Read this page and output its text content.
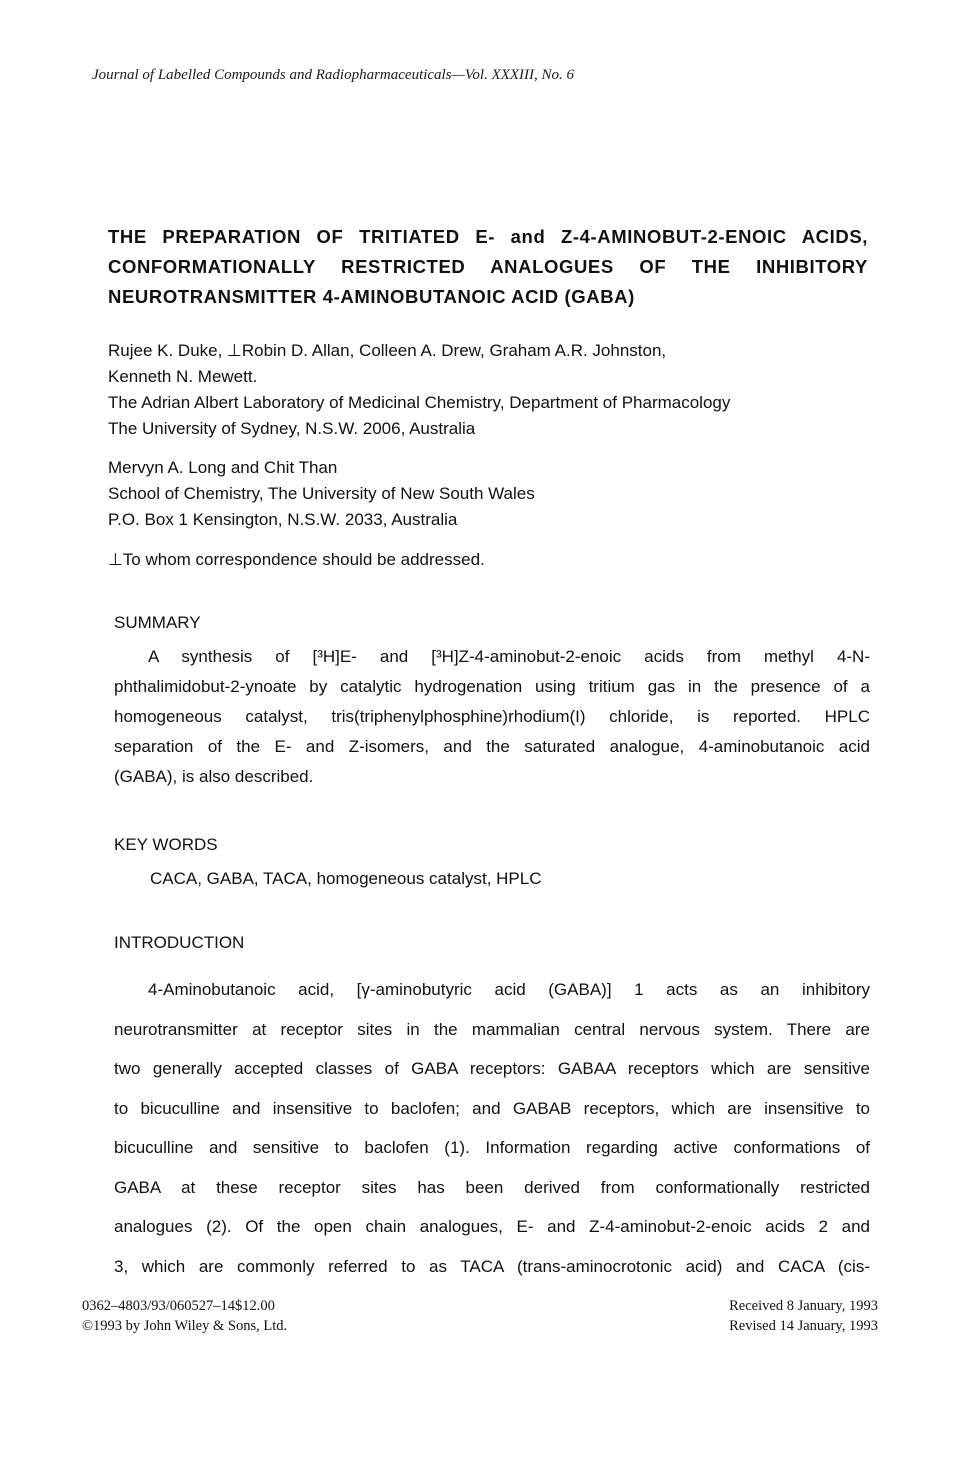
Journal of Labelled Compounds and Radiopharmaceuticals—Vol. XXXIII, No. 6
THE PREPARATION OF TRITIATED E- and Z-4-AMINOBUT-2-ENOIC ACIDS,
CONFORMATIONALLY RESTRICTED ANALOGUES OF THE INHIBITORY
NEUROTRANSMITTER 4-AMINOBUTANOIC ACID (GABA)
Rujee K. Duke, ⊥Robin D. Allan, Colleen A. Drew, Graham A.R. Johnston,
Kenneth N. Mewett.
The Adrian Albert Laboratory of Medicinal Chemistry, Department of Pharmacology
The University of Sydney, N.S.W. 2006, Australia
Mervyn A. Long and Chit Than
School of Chemistry, The University of New South Wales
P.O. Box 1 Kensington, N.S.W. 2033, Australia
⊥To whom correspondence should be addressed.
SUMMARY
A synthesis of [³H]E- and [³H]Z-4-aminobut-2-enoic acids from methyl 4-N-
phthalimidobut-2-ynoate by catalytic hydrogenation using tritium gas in the presence of a
homogeneous catalyst, tris(triphenylphosphine)rhodium(I) chloride, is reported. HPLC
separation of the E- and Z-isomers, and the saturated analogue, 4-aminobutanoic acid
(GABA), is also described.
KEY WORDS
CACA, GABA, TACA, homogeneous catalyst, HPLC
INTRODUCTION
4-Aminobutanoic acid, [γ-aminobutyric acid (GABA)] 1 acts as an inhibitory
neurotransmitter at receptor sites in the mammalian central nervous system. There are
two generally accepted classes of GABA receptors: GABAA receptors which are sensitive
to bicuculline and insensitive to baclofen; and GABAB receptors, which are insensitive to
bicuculline and sensitive to baclofen (1). Information regarding active conformations of
GABA at these receptor sites has been derived from conformationally restricted
analogues (2). Of the open chain analogues, E- and Z-4-aminobut-2-enoic acids 2 and
3, which are commonly referred to as TACA (trans-aminocrotonic acid) and CACA (cis-
0362–4803/93/060527–14$12.00
©1993 by John Wiley & Sons, Ltd.
Received 8 January, 1993
Revised 14 January, 1993
